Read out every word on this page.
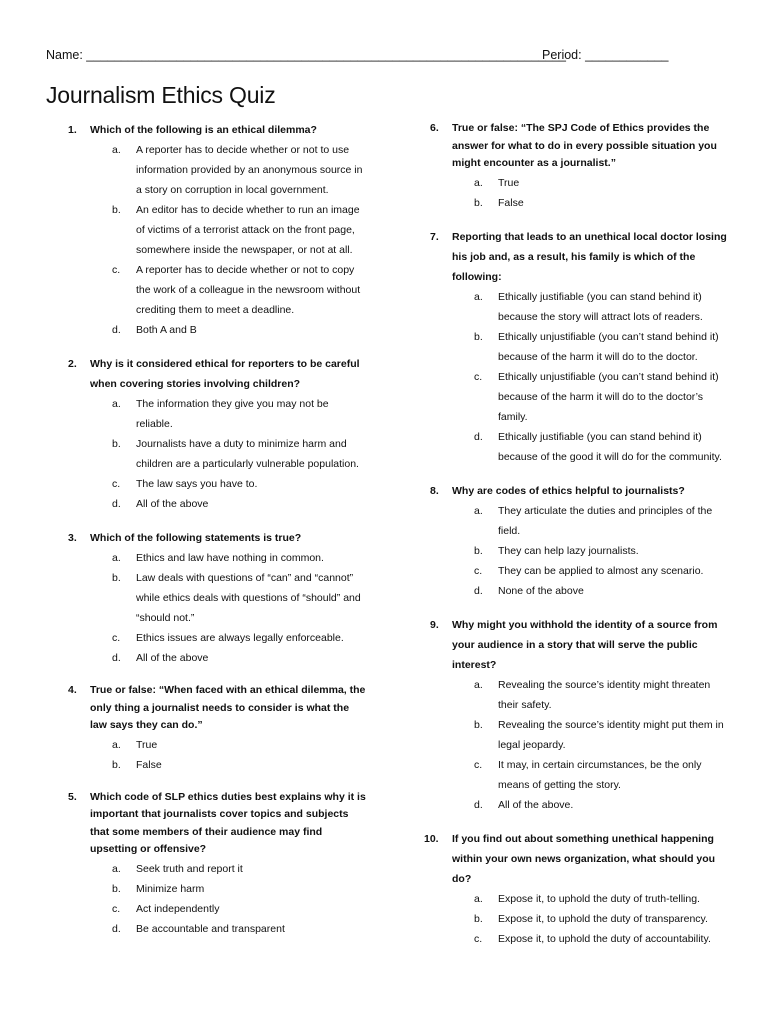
Name: _____________________________________________________________________
Period: ____________
Journalism Ethics Quiz
1. Which of the following is an ethical dilemma?
a. A reporter has to decide whether or not to use information provided by an anonymous source in a story on corruption in local government.
b. An editor has to decide whether to run an image of victims of a terrorist attack on the front page, somewhere inside the newspaper, or not at all.
c. A reporter has to decide whether or not to copy the work of a colleague in the newsroom without crediting them to meet a deadline.
d. Both A and B
2. Why is it considered ethical for reporters to be careful when covering stories involving children?
a. The information they give you may not be reliable.
b. Journalists have a duty to minimize harm and children are a particularly vulnerable population.
c. The law says you have to.
d. All of the above
3. Which of the following statements is true?
a. Ethics and law have nothing in common.
b. Law deals with questions of “can” and “cannot” while ethics deals with questions of “should” and “should not.”
c. Ethics issues are always legally enforceable.
d. All of the above
4. True or false: “When faced with an ethical dilemma, the only thing a journalist needs to consider is what the law says they can do.”
a. True
b. False
5. Which code of SLP ethics duties best explains why it is important that journalists cover topics and subjects that some members of their audience may find upsetting or offensive?
a. Seek truth and report it
b. Minimize harm
c. Act independently
d. Be accountable and transparent
6. True or false: “The SPJ Code of Ethics provides the answer for what to do in every possible situation you might encounter as a journalist.”
a. True
b. False
7. Reporting that leads to an unethical local doctor losing his job and, as a result, his family is which of the following:
a. Ethically justifiable (you can stand behind it) because the story will attract lots of readers.
b. Ethically unjustifiable (you can’t stand behind it) because of the harm it will do to the doctor.
c. Ethically unjustifiable (you can’t stand behind it) because of the harm it will do to the doctor’s family.
d. Ethically justifiable (you can stand behind it) because of the good it will do for the community.
8. Why are codes of ethics helpful to journalists?
a. They articulate the duties and principles of the field.
b. They can help lazy journalists.
c. They can be applied to almost any scenario.
d. None of the above
9. Why might you withhold the identity of a source from your audience in a story that will serve the public interest?
a. Revealing the source’s identity might threaten their safety.
b. Revealing the source’s identity might put them in legal jeopardy.
c. It may, in certain circumstances, be the only means of getting the story.
d. All of the above.
10. If you find out about something unethical happening within your own news organization, what should you do?
a. Expose it, to uphold the duty of truth-telling.
b. Expose it, to uphold the duty of transparency.
c. Expose it, to uphold the duty of accountability.
